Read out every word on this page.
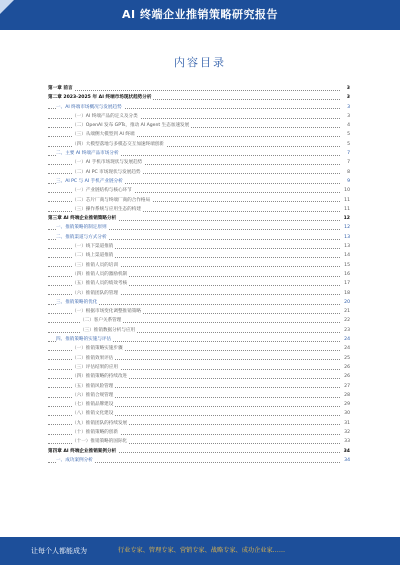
AI 终端企业推销策略研究报告
内容目录
第一章 前言	3
第二章 2023-2025 年 AI 终端市场现状趋势分析	3
一、AI 终端市场概况与发展趋势	3
（一）AI 终端产品的定义及分类	3
（二）OpenAI 发布 GPTs，推动 AI Agent 生态加速发展	4
（三）从端侧大模型到 AI 终端	5
（四）大模型落地与多模态交互加速终端创新	5
二、主要 AI 终端产品市场分析	7
（一）AI 手机市场现状与发展趋势	7
（二）AI PC 市场现状与发展趋势	8
三、AI PC 与 AI 手机产业链分析	9
（一）产业链结构与核心环节	10
（二）芯片厂商与终端厂商的合作格局	11
（三）操作系统与应用生态的构建	11
第三章 AI 终端企业推销策略分析	12
一、推销策略的制定原则	12
二、推销渠道与方式分析	13
（一）线下渠道推销	13
（二）线上渠道推销	14
（三）推销人员的培训	15
（四）推销人员的激励机制	16
（五）推销人员的绩效考核	17
（六）推销团队的管理	18
三、推销策略的优化	20
（一）根据市场变化调整推销策略	21
（二）客户关系管理	22
（三）推销数据分析与应用	23
四、推销策略的实施与评估	24
（一）推销策略实施步骤	24
（二）推销效果评估	25
（三）评估结果的应用	26
（四）推销策略的持续改进	26
（五）推销风险管理	27
（六）推销合规管理	28
（七）推销品牌建设	29
（八）推销文化建设	30
（九）推销团队的持续发展	31
（十）推销策略的创新	32
（十一）推销策略的国际化	33
第四章 AI 终端企业推销案例分析	34
一、成功案例分析	34
让每个人都能成为	行业专家、管理专家、营销专家、战略专家、成功企业家……
